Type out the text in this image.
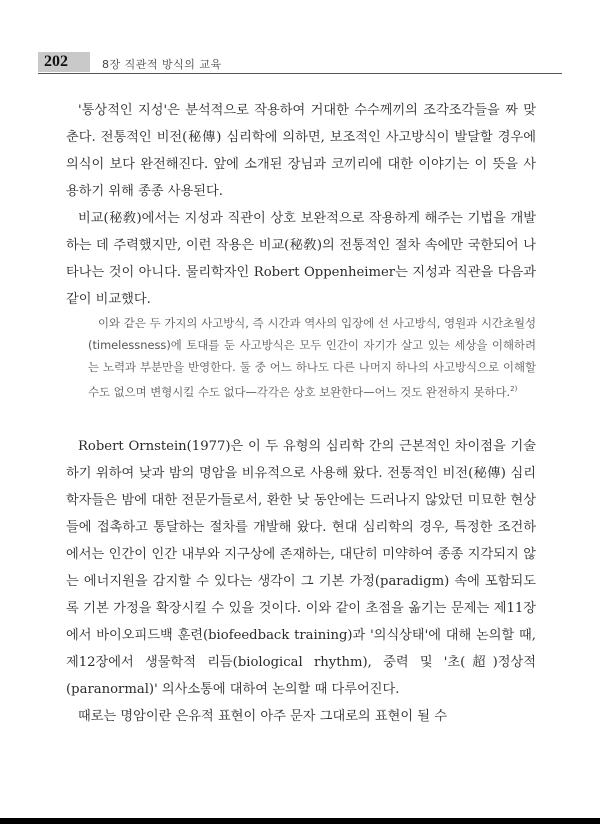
202	8장 직관적 방식의 교육

'통상적인 지성'은 분석적으로 작용하여 거대한 수수께끼의 조각조각들을 짜 맞춘다. 전통적인 비전(秘傳) 심리학에 의하면, 보조적인 사고방식이 발달할 경우에 의식이 보다 완전해진다. 앞에 소개된 장님과 코끼리에 대한 이야기는 이 뜻을 사용하기 위해 종종 사용된다.

비교(秘敎)에서는 지성과 직관이 상호 보완적으로 작용하게 해주는 기법을 개발하는 데 주력했지만, 이런 작용은 비교(秘敎)의 전통적인 절차 속에만 국한되어 나타나는 것이 아니다. 물리학자인 Robert Oppenheimer는 지성과 직관을 다음과 같이 비교했다.

이와 같은 두 가지의 사고방식, 즉 시간과 역사의 입장에 선 사고방식, 영원과 시간초월성(timelessness)에 토대를 둔 사고방식은 모두 인간이 자기가 살고 있는 세상을 이해하려는 노력과 부분만을 반영한다. 둘 중 어느 하나도 다른 나머지 하나의 사고방식으로 이해할 수도 없으며 변형시킬 수도 없다—각각은 상호 보완한다—어느 것도 완전하지 못하다.$^{2)}$

Robert Ornstein(1977)은 이 두 유형의 심리학 간의 근본적인 차이점을 기술하기 위하여 낮과 밤의 명암을 비유적으로 사용해 왔다. 전통적인 비전(秘傳) 심리학자들은 밤에 대한 전문가들로서, 환한 낮 동안에는 드러나지 않았던 미묘한 현상들에 접촉하고 통달하는 절차를 개발해 왔다. 현대 심리학의 경우, 특정한 조건하에서는 인간이 인간 내부와 지구상에 존재하는, 대단히 미약하여 종종 지각되지 않는 에너지원을 감지할 수 있다는 생각이 그 기본 가정(paradigm) 속에 포함되도록 기본 가정을 확장시킬 수 있을 것이다. 이와 같이 초점을 옮기는 문제는 제11장에서 바이오피드백 훈련(biofeedback training)과 '의식상태'에 대해 논의할 때, 제12장에서 생물학적 리듬(biological rhythm), 중력 및 '초(超)정상적(paranormal)' 의사소통에 대하여 논의할 때 다루어진다.

때로는 명암이란 은유적 표현이 아주 문자 그대로의 표현이 될 수
